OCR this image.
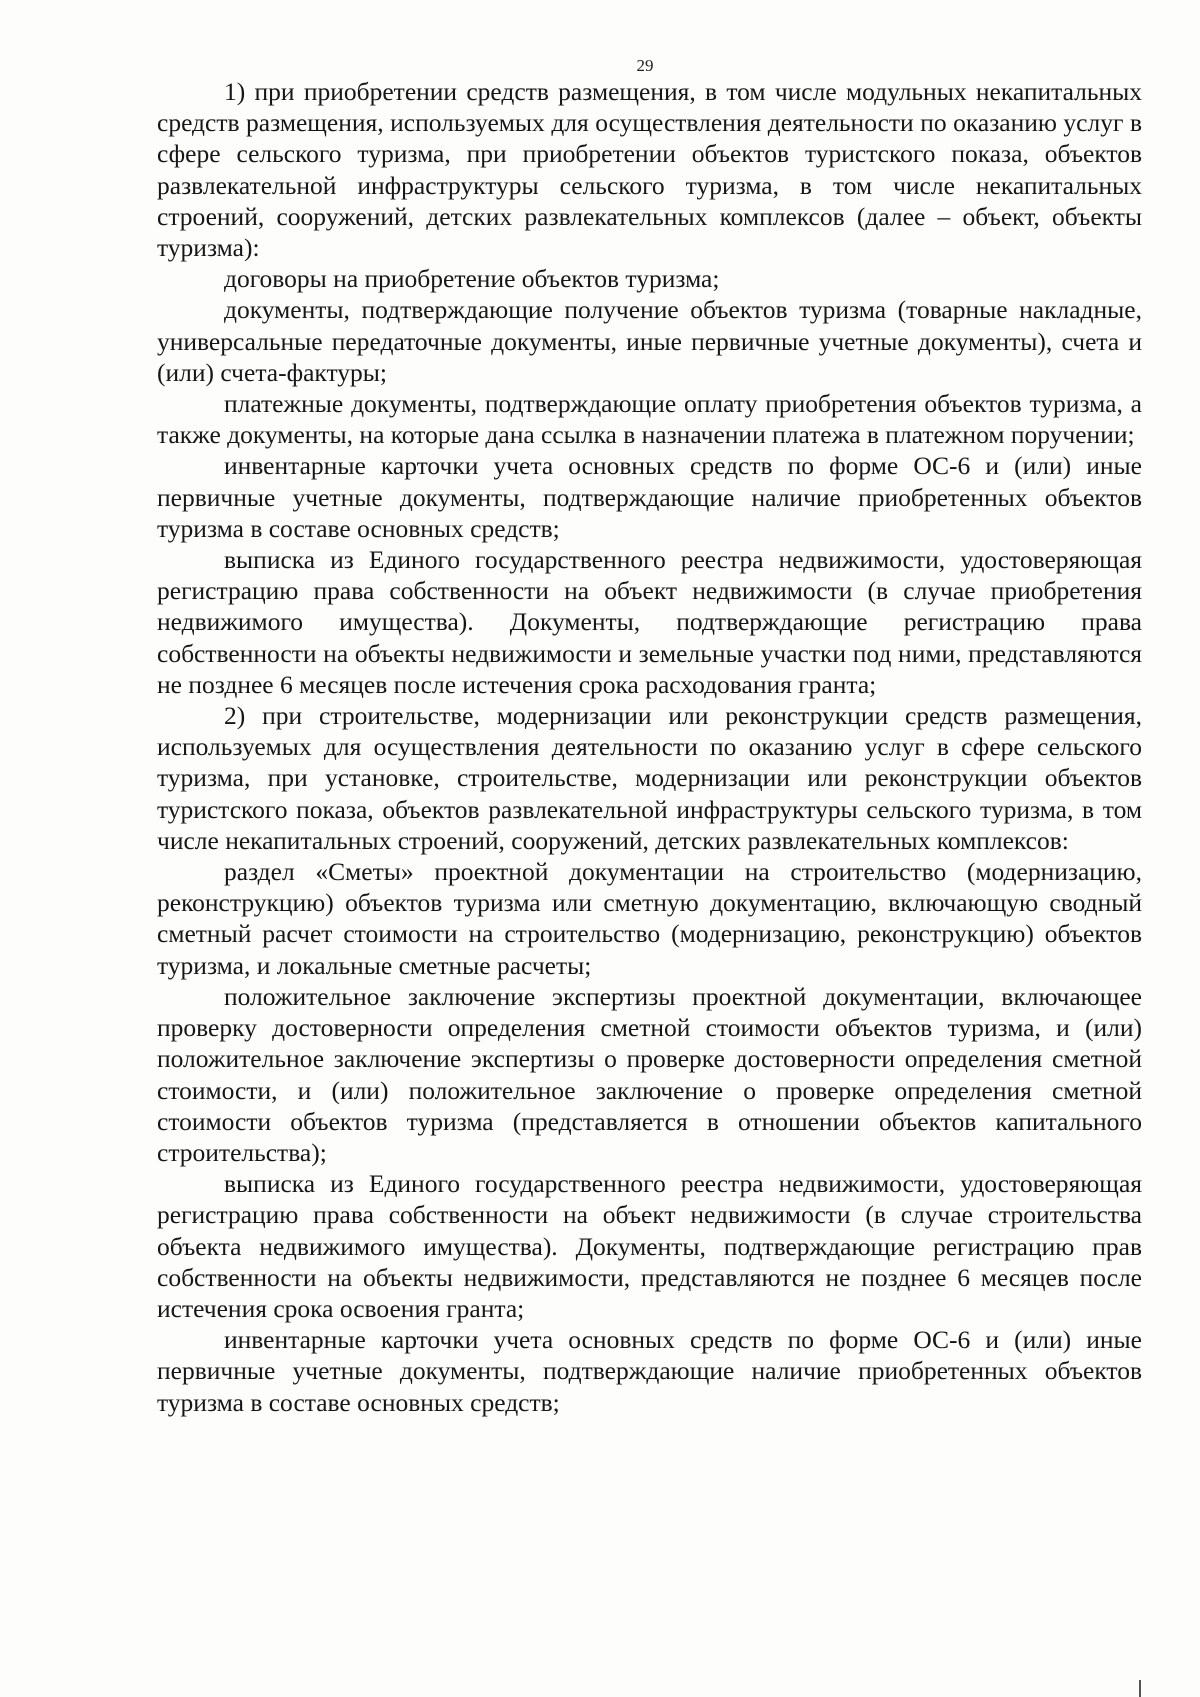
29

1) при приобретении средств размещения, в том числе модульных некапитальных средств размещения, используемых для осуществления деятельности по оказанию услуг в сфере сельского туризма, при приобретении объектов туристского показа, объектов развлекательной инфраструктуры сельского туризма, в том числе некапитальных строений, сооружений, детских развлекательных комплексов (далее – объект, объекты туризма):

договоры на приобретение объектов туризма;

документы, подтверждающие получение объектов туризма (товарные накладные, универсальные передаточные документы, иные первичные учетные документы), счета и (или) счета-фактуры;

платежные документы, подтверждающие оплату приобретения объектов туризма, а также документы, на которые дана ссылка в назначении платежа в платежном поручении;

инвентарные карточки учета основных средств по форме ОС-6 и (или) иные первичные учетные документы, подтверждающие наличие приобретенных объектов туризма в составе основных средств;

выписка из Единого государственного реестра недвижимости, удостоверяющая регистрацию права собственности на объект недвижимости (в случае приобретения недвижимого имущества). Документы, подтверждающие регистрацию права собственности на объекты недвижимости и земельные участки под ними, представляются не позднее 6 месяцев после истечения срока расходования гранта;

2) при строительстве, модернизации или реконструкции средств размещения, используемых для осуществления деятельности по оказанию услуг в сфере сельского туризма, при установке, строительстве, модернизации или реконструкции объектов туристского показа, объектов развлекательной инфраструктуры сельского туризма, в том числе некапитальных строений, сооружений, детских развлекательных комплексов:

раздел «Сметы» проектной документации на строительство (модернизацию, реконструкцию) объектов туризма или сметную документацию, включающую сводный сметный расчет стоимости на строительство (модернизацию, реконструкцию) объектов туризма, и локальные сметные расчеты;

положительное заключение экспертизы проектной документации, включающее проверку достоверности определения сметной стоимости объектов туризма, и (или) положительное заключение экспертизы о проверке достоверности определения сметной стоимости, и (или) положительное заключение о проверке определения сметной стоимости объектов туризма (представляется в отношении объектов капитального строительства);

выписка из Единого государственного реестра недвижимости, удостоверяющая регистрацию права собственности на объект недвижимости (в случае строительства объекта недвижимого имущества). Документы, подтверждающие регистрацию прав собственности на объекты недвижимости, представляются не позднее 6 месяцев после истечения срока освоения гранта;

инвентарные карточки учета основных средств по форме ОС-6 и (или) иные первичные учетные документы, подтверждающие наличие приобретенных объектов туризма в составе основных средств;
